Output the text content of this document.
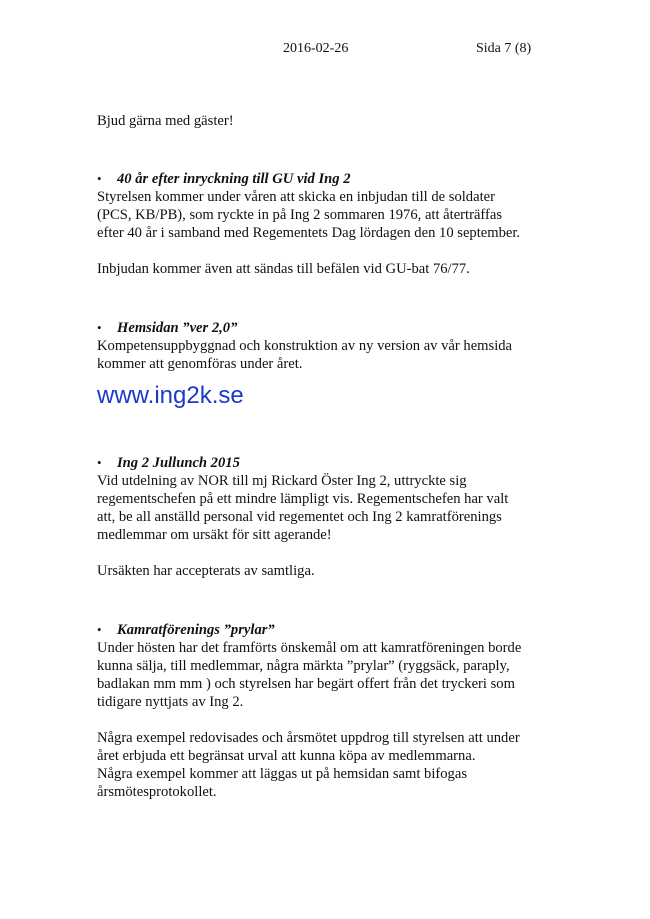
2016-02-26	Sida 7 (8)

Bjud gärna med gäster!

•	40 år efter inryckning till GU vid Ing 2

Styrelsen kommer under våren att skicka en inbjudan till de soldater (PCS, KB/PB), som ryckte in på Ing 2 sommaren 1976, att återträffas efter 40 år i samband med Regementets Dag lördagen den 10 september.

Inbjudan kommer även att sändas till befälen vid GU-bat 76/77.

•	Hemsidan ”ver 2,0”

Kompetensuppbyggnad och konstruktion av ny version av vår hemsida kommer att genomföras under året.

www.ing2k.se
•	Ing 2 Jullunch 2015

Vid utdelning av NOR till mj Rickard Öster Ing 2, uttryckte sig regementschefen på ett mindre lämpligt vis. Regementschefen har valt att, be all anställd personal vid regementet och Ing 2 kamratförenings medlemmar om ursäkt för sitt agerande!

Ursäkten har accepterats av samtliga.

•	Kamratförenings ”prylar”

Under hösten har det framförts önskemål om att kamratföreningen borde kunna sälja, till medlemmar, några märkta ”prylar” (ryggsäck, paraply, badlakan mm mm ) och styrelsen har begärt offert från det tryckeri som tidigare nyttjats av Ing 2.

Några exempel redovisades och årsmötet uppdrog till styrelsen att under året erbjuda ett begränsat urval att kunna köpa av medlemmarna.

Några exempel kommer att läggas ut på hemsidan samt bifogas årsmötesprotokollet.
